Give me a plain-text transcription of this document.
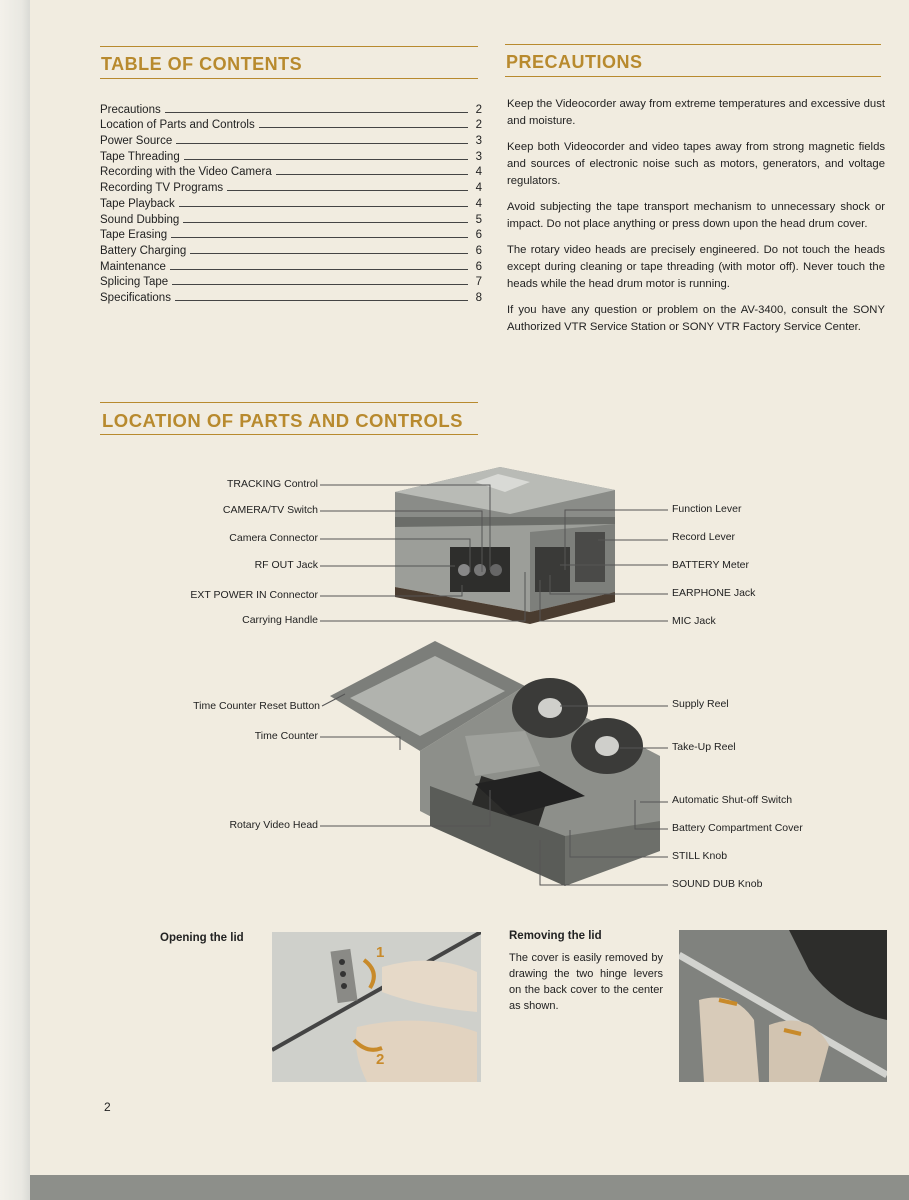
TABLE OF CONTENTS
Precautions	2
Location of Parts and Controls	2
Power Source	3
Tape Threading	3
Recording with the Video Camera	4
Recording TV Programs	4
Tape Playback	4
Sound Dubbing	5
Tape Erasing	6
Battery Charging	6
Maintenance	6
Splicing Tape	7
Specifications	8
PRECAUTIONS

Keep the Videocorder away from extreme temperatures and excessive dust and moisture.

Keep both Videocorder and video tapes away from strong magnetic fields and sources of electronic noise such as motors, generators, and voltage regulators.

Avoid subjecting the tape transport mechanism to unnecessary shock or impact. Do not place anything or press down upon the head drum cover.

The rotary video heads are precisely engineered. Do not touch the heads except during cleaning or tape threading (with motor off). Never touch the heads while the head drum motor is running.

If you have any question or problem on the AV-3400, consult the SONY Authorized VTR Service Station or SONY VTR Factory Service Center.

LOCATION OF PARTS AND CONTROLS
TRACKING Control
CAMERA/TV Switch
Camera Connector
RF OUT Jack
EXT POWER IN Connector
Carrying Handle
Function Lever
Record Lever
BATTERY Meter
EARPHONE Jack
MIC Jack
Time Counter Reset Button
Time Counter
Rotary Video Head
Supply Reel
Take-Up Reel
Automatic Shut-off Switch
Battery Compartment Cover
STILL Knob
SOUND DUB Knob
Opening the lid
1
2
Removing the lid
The cover is easily removed by drawing the two hinge levers on the back cover to the center as shown.
2
